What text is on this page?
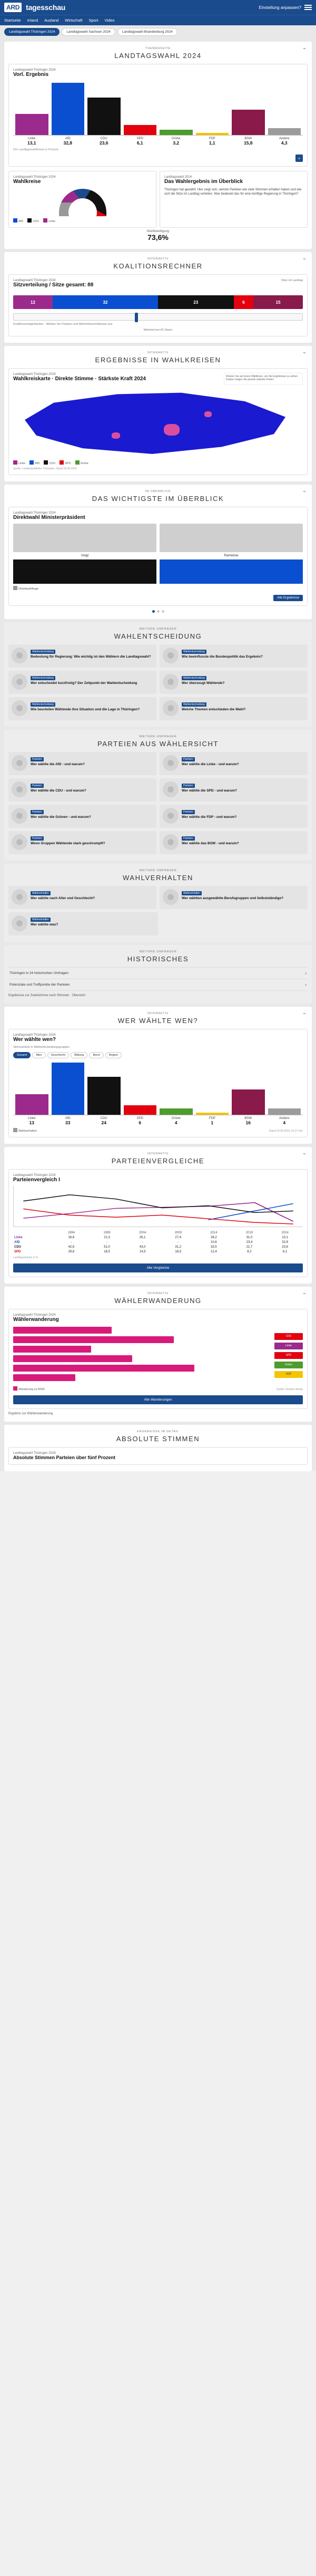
ARD tagesschau	Einstellung anpassen?
Startseite Inland Ausland Wirtschaft Sport Video
Landtagswahl Thüringen 2024	Landtagswahl Sachsen 2024	Landtagswahl Brandenburg 2024
⌁
THEMENSEITE
LANDTAGSWAHL 2024
Landtagswahl Thüringen 2024
Vorl. Ergebnis
Linke
13,1
AfD
32,8
CDU
23,6
SPD
6,1
Grüne
3,2
FDP
1,1
BSW
15,8
Andere
4,3
Der Landtagswahlkreise in Prozent
＋
Landtagswahl Thüringen 2024
Wahlkreise
AfD	CDU	Linke
Landtagswahl 2024
Das Wahlergebnis im Überblick
Thüringen hat gewählt: Hier zeigt sich, welche Parteien wie viele Stimmen erhalten haben und wie sich die Sitze im Landtag verteilen. Was bedeutet das für eine künftige Regierung in Thüringen?
Wahlbeteiligung
73,6%
⌁
INTERAKTIV
KOALITIONSRECHNER
Landtagswahl Thüringen 2024
Sitzverteilung / Sitze gesamt: 88
Sitze im Landtag
12	32	23	6	15
Koalitionsmöglichkeiten · Wählen Sie Parteien und Mehrheitsverhältnisse aus
Mehrheit bei 45 Sitzen
⌁
INTERAKTIV
ERGEBNISSE IN WAHLKREISEN
Landtagswahl Thüringen 2024
Wahlkreiskarte · Direkte Stimme · Stärkste Kraft 2024	Klicken Sie auf einen Wahlkreis, um die Ergebnisse zu sehen. Farben zeigen die jeweils stärkste Partei.
Linke	AfD	CDU	SPD	Grüne
Quelle: Landeswahlleiter Thüringen, Stand 02.09.2024
⌁
IM ÜBERBLICK
DAS WICHTIGSTE IM ÜBERBLICK
Landtagswahl Thüringen 2024
Direktwahl Ministerpräsident
Voigt	Ramelow
Direktwahlfrage
Alle Ergebnisse
WEITERE UMFRAGEN
WAHLENTSCHEIDUNG
Wahlentscheidung
Bedeutung für Regierung: Wie wichtig ist den Wählern die Landtagswahl?
Wahlentscheidung
Wie beeinflusste die Bundespolitik das Ergebnis?
Wahlentscheidung
Wer entscheidet kurzfristig? Der Zeitpunkt der Wahlentscheidung
Wahlentscheidung
Wer überzeugt Wählende?
Wahlentscheidung
Wie beurteilen Wählende ihre Situation und die Lage in Thüringen?
Wahlentscheidung
Welche Themen entschieden die Wahl?
WEITERE UMFRAGEN
PARTEIEN AUS WÄHLERSICHT
Parteien
Wer wählte die AfD - und warum?
Parteien
Wer wählte die Linke - und warum?
Parteien
Wer wählte die CDU - und warum?
Parteien
Wer wählte die SPD - und warum?
Parteien
Wer wählte die Grünen - und warum?
Parteien
Wer wählte die FDP - und warum?
Parteien
Wenn Gruppen Wählende stark geschrumpft?
Parteien
Wer wählte das BSW - und warum?
WEITERE UMFRAGEN
WAHLVERHALTEN
Wahlverhalten
Wer wählte nach Alter und Geschlecht?
Wahlverhalten
Wer wählten ausgewählte Berufsgruppen und Selbstständige?
Wahlverhalten
Wer wählte was?
WEITERE UMFRAGEN
HISTORISCHES
Thüringen in 24 historischen Umfragen	›
Potenziale und Treffpunkte der Parteien	›
Ergebnisse zur Zweitstimme nach Stimmen · Übersicht
⌁
INTERAKTIV
WER WÄHLTE WEN?
Landtagswahl Thüringen 2024
Wer wählte wen?
Stimmanteile in Wahlentscheidungsgruppen
Gesamt	Alter	Geschlecht	Bildung	Beruf	Region
Linke
13
AfD
33
CDU
24
SPD
6
Grüne
4
FDP
1
BSW
16
Andere
4
Wahlverhalten	Stand 03.09.2024, 01:27 Uhr
⌁
INTERAKTIV
PARTEIENVERGLEICHE
Landtagswahl Thüringen 2024
Parteienvergleich I
	1994	1999	2004	2009	2014	2019	2024
Linke	16,6	21,3	26,1	27,4	28,2	31,0	13,1
AfD	-	-	-	-	10,6	23,4	32,8
CDU	42,6	51,0	43,0	31,2	33,5	21,7	23,6
SPD	29,6	18,5	14,5	18,5	12,4	8,2	6,1
Landtagswahlen in %
Alle Vergleiche
⌁
INTERAKTIV
WÄHLERWANDERUNG
Landtagswahl Thüringen 2024
Wählerwanderung
CDU
Linke
SPD
Grüne
FDP
Wanderung zu BSW	Quelle: Infratest dimap
Alle Wanderungen
Ergebnis zur Wählerwanderung
ERGEBNISSE IM DETAIL
ABSOLUTE STIMMEN
Landtagswahl Thüringen 2024
Absolute Stimmen Parteien über fünf Prozent
